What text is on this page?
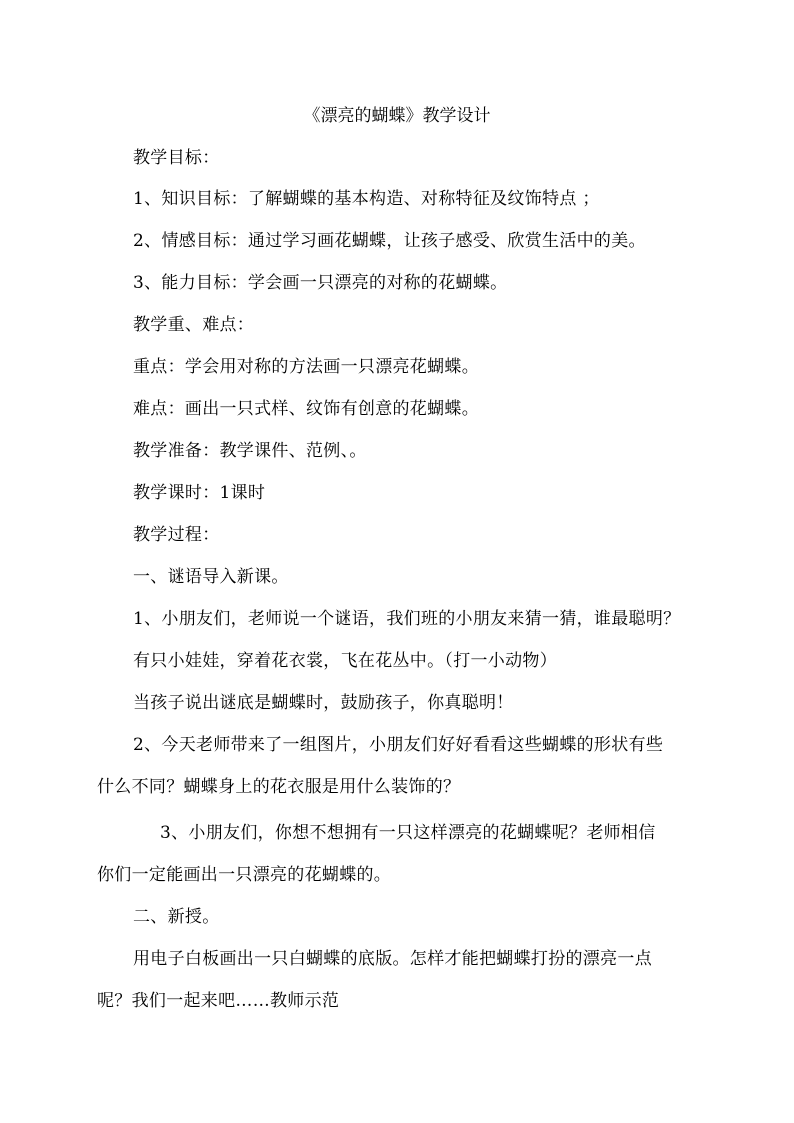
《漂亮的蝴蝶》教学设计
教学目标：
1、知识目标：了解蝴蝶的基本构造、对称特征及纹饰特点 ；
2、情感目标：通过学习画花蝴蝶，让孩子感受、欣赏生活中的美。
3、能力目标：学会画一只漂亮的对称的花蝴蝶。
教学重、难点：
重点：学会用对称的方法画一只漂亮花蝴蝶。
难点：画出一只式样、纹饰有创意的花蝴蝶。
教学准备：教学课件、范例、。
教学课时：1课时
教学过程：
一、谜语导入新课。
1、小朋友们，老师说一个谜语，我们班的小朋友来猜一猜，谁最聪明？
有只小娃娃，穿着花衣裳，飞在花丛中。（打一小动物）
当孩子说出谜底是蝴蝶时，鼓励孩子，你真聪明！
2、今天老师带来了一组图片，小朋友们好好看看这些蝴蝶的形状有些
什么不同？蝴蝶身上的花衣服是用什么装饰的？
3、小朋友们，你想不想拥有一只这样漂亮的花蝴蝶呢？老师相信
你们一定能画出一只漂亮的花蝴蝶的。
二、新授。
用电子白板画出一只白蝴蝶的底版。怎样才能把蝴蝶打扮的漂亮一点
呢？我们一起来吧……教师示范
